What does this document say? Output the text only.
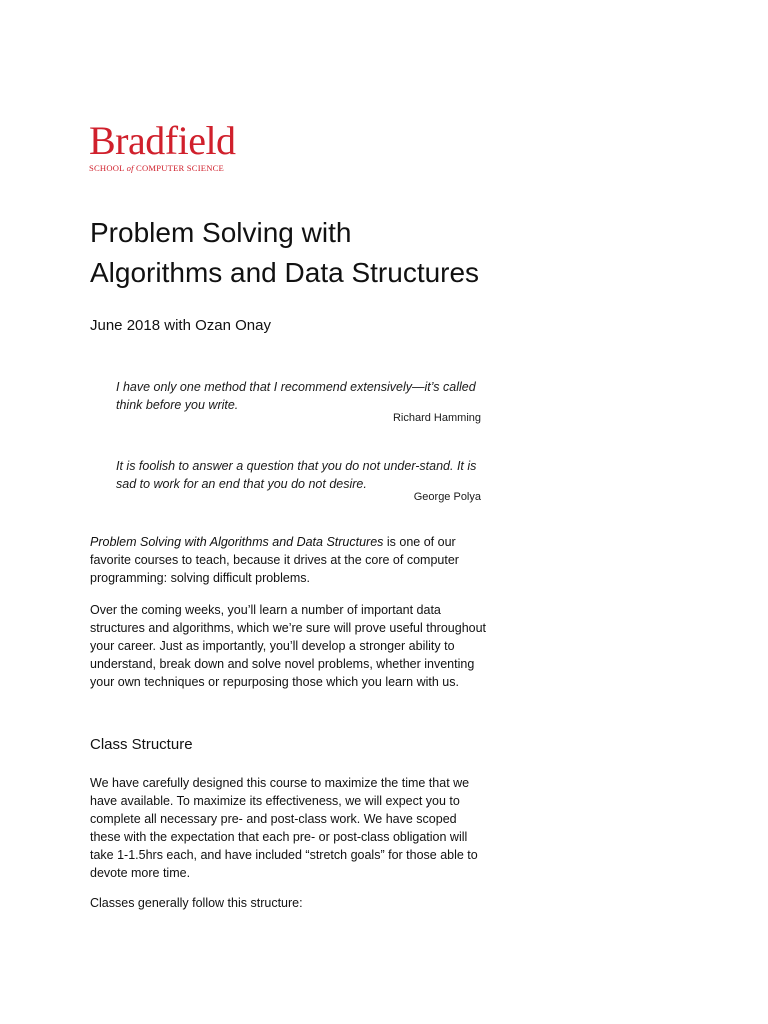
Bradfield
SCHOOL of COMPUTER SCIENCE
Problem Solving with
Algorithms and Data Structures
June 2018 with Ozan Onay
I have only one method that I recommend extensively—it’s called think before you write.
Richard Hamming
It is foolish to answer a question that you do not under-stand. It is sad to work for an end that you do not desire.
George Polya

Problem Solving with Algorithms and Data Structures is one of our favorite courses to teach, because it drives at the core of computer programming: solving difficult problems.

Over the coming weeks, you’ll learn a number of important data structures and algorithms, which we’re sure will prove useful throughout your career. Just as importantly, you’ll develop a stronger ability to understand, break down and solve novel problems, whether inventing your own techniques or repurposing those which you learn with us.

Class Structure

We have carefully designed this course to maximize the time that we have available. To maximize its effectiveness, we will expect you to complete all necessary pre- and post-class work. We have scoped these with the expectation that each pre- or post-class obligation will take 1-1.5hrs each, and have included “stretch goals” for those able to devote more time.

Classes generally follow this structure:
